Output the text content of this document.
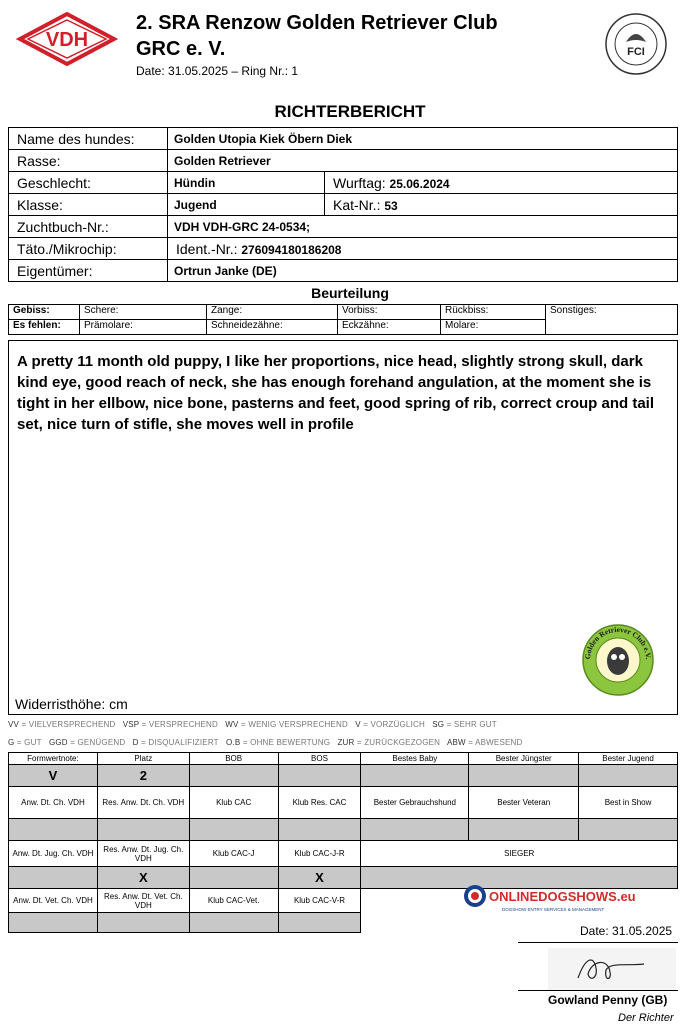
VDH
2. SRA Renzow Golden Retriever Club
GRC e. V.
Date: 31.05.2025 – Ring Nr.: 1
FCI
RICHTERBERICHT
Name des hundes:	Golden Utopia Kiek Öbern Diek	
Rasse:	Golden Retriever	
Geschlecht:	Hündin	Wurftag: 25.06.2024
Klasse:	Jugend	Kat-Nr.: 53
Zuchtbuch-Nr.:	VDH VDH-GRC 24-0534;	
Täto./Mikrochip:	Ident.-Nr.: 276094180186208	
Eigentümer:	Ortrun Janke (DE)	
Beurteilung
Gebiss:	Schere:	Zange:	Vorbiss:	Rückbiss:	Sonstiges:
Es fehlen:	Prämolare:	Schneidezähne:	Eckzähne:	Molare:	
A pretty 11 month old puppy, I like her proportions, nice head, slightly strong skull, dark kind eye, good reach of neck, she has enough forehand angulation, at the moment she is tight in her ellbow, nice bone, pasterns and feet, good spring of rib, correct croup and tail set, nice turn of stifle, she moves well in profile
Golden Retriever Club e.V.
Widerristhöhe: cm
VV = VIELVERSPRECHEND VSP = VERSPRECHEND WV = WENIG VERSPRECHEND V = VORZÜGLICH SG = SEHR GUT
G = GUT GGD = GENÜGEND D = DISQUALIFIZIERT O.B = OHNE BEWERTUNG ZUR = ZURÜCKGEZOGEN ABW = ABWESEND
Formwertnote:	Platz	BOB	BOS	Bestes Baby	Bester Jüngster	Bester Jugend
V	2					
Anw. Dt. Ch. VDH	Res. Anw. Dt. Ch. VDH	Klub CAC	Klub Res. CAC	Bester Gebrauchshund	Bester Veteran	Best in Show

Anw. Dt. Jug. Ch. VDH	Res. Anw. Dt. Jug. Ch. VDH	Klub CAC-J	Klub CAC-J-R	SIEGER		
	X		X			
Anw. Dt. Vet. Ch. VDH	Res. Anw. Dt. Vet. Ch. VDH	Klub CAC-Vet.	Klub CAC-V-R			
				ONLINEDOGSHOWS.eu
DOGSHOW ENTRY SERVICES & MANAGEMENT
Date: 31.05.2025
Gowland Penny (GB)
Der Richter
